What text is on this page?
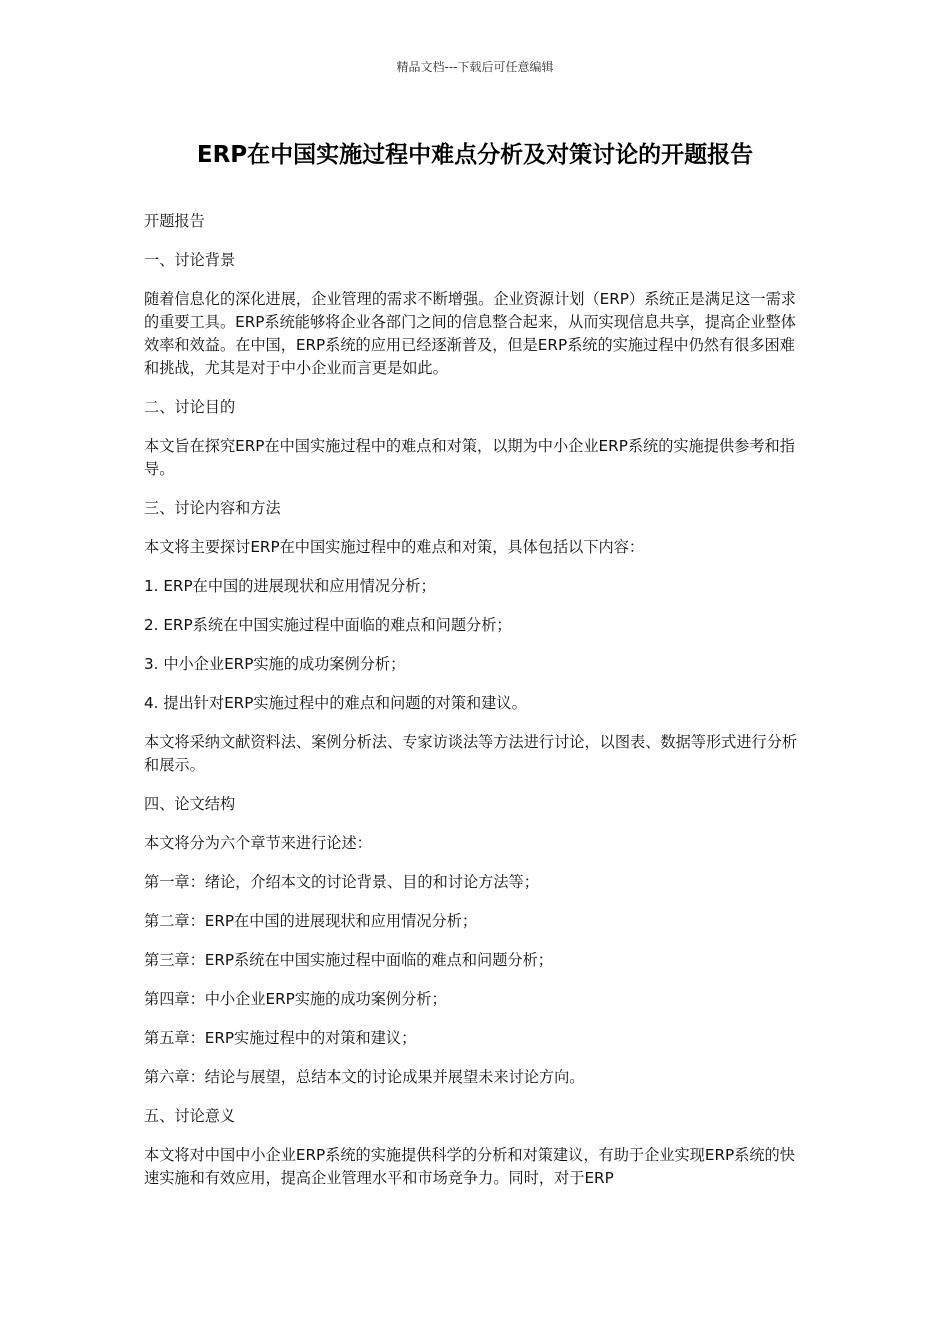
精品文档---下载后可任意编辑
ERP在中国实施过程中难点分析及对策讨论的开题报告

开题报告

一、讨论背景

随着信息化的深化进展，企业管理的需求不断增强。企业资源计划（ERP）系统正是满足这一需求的重要工具。ERP系统能够将企业各部门之间的信息整合起来，从而实现信息共享，提高企业整体效率和效益。在中国，ERP系统的应用已经逐渐普及，但是ERP系统的实施过程中仍然有很多困难和挑战，尤其是对于中小企业而言更是如此。

二、讨论目的

本文旨在探究ERP在中国实施过程中的难点和对策，以期为中小企业ERP系统的实施提供参考和指导。

三、讨论内容和方法

本文将主要探讨ERP在中国实施过程中的难点和对策，具体包括以下内容：

1. ERP在中国的进展现状和应用情况分析；

2. ERP系统在中国实施过程中面临的难点和问题分析；

3. 中小企业ERP实施的成功案例分析；

4. 提出针对ERP实施过程中的难点和问题的对策和建议。

本文将采纳文献资料法、案例分析法、专家访谈法等方法进行讨论，以图表、数据等形式进行分析和展示。

四、论文结构

本文将分为六个章节来进行论述：

第一章：绪论，介绍本文的讨论背景、目的和讨论方法等；

第二章：ERP在中国的进展现状和应用情况分析；

第三章：ERP系统在中国实施过程中面临的难点和问题分析；

第四章：中小企业ERP实施的成功案例分析；

第五章：ERP实施过程中的对策和建议；

第六章：结论与展望，总结本文的讨论成果并展望未来讨论方向。

五、讨论意义

本文将对中国中小企业ERP系统的实施提供科学的分析和对策建议，有助于企业实现ERP系统的快速实施和有效应用，提高企业管理水平和市场竞争力。同时，对于ERP
